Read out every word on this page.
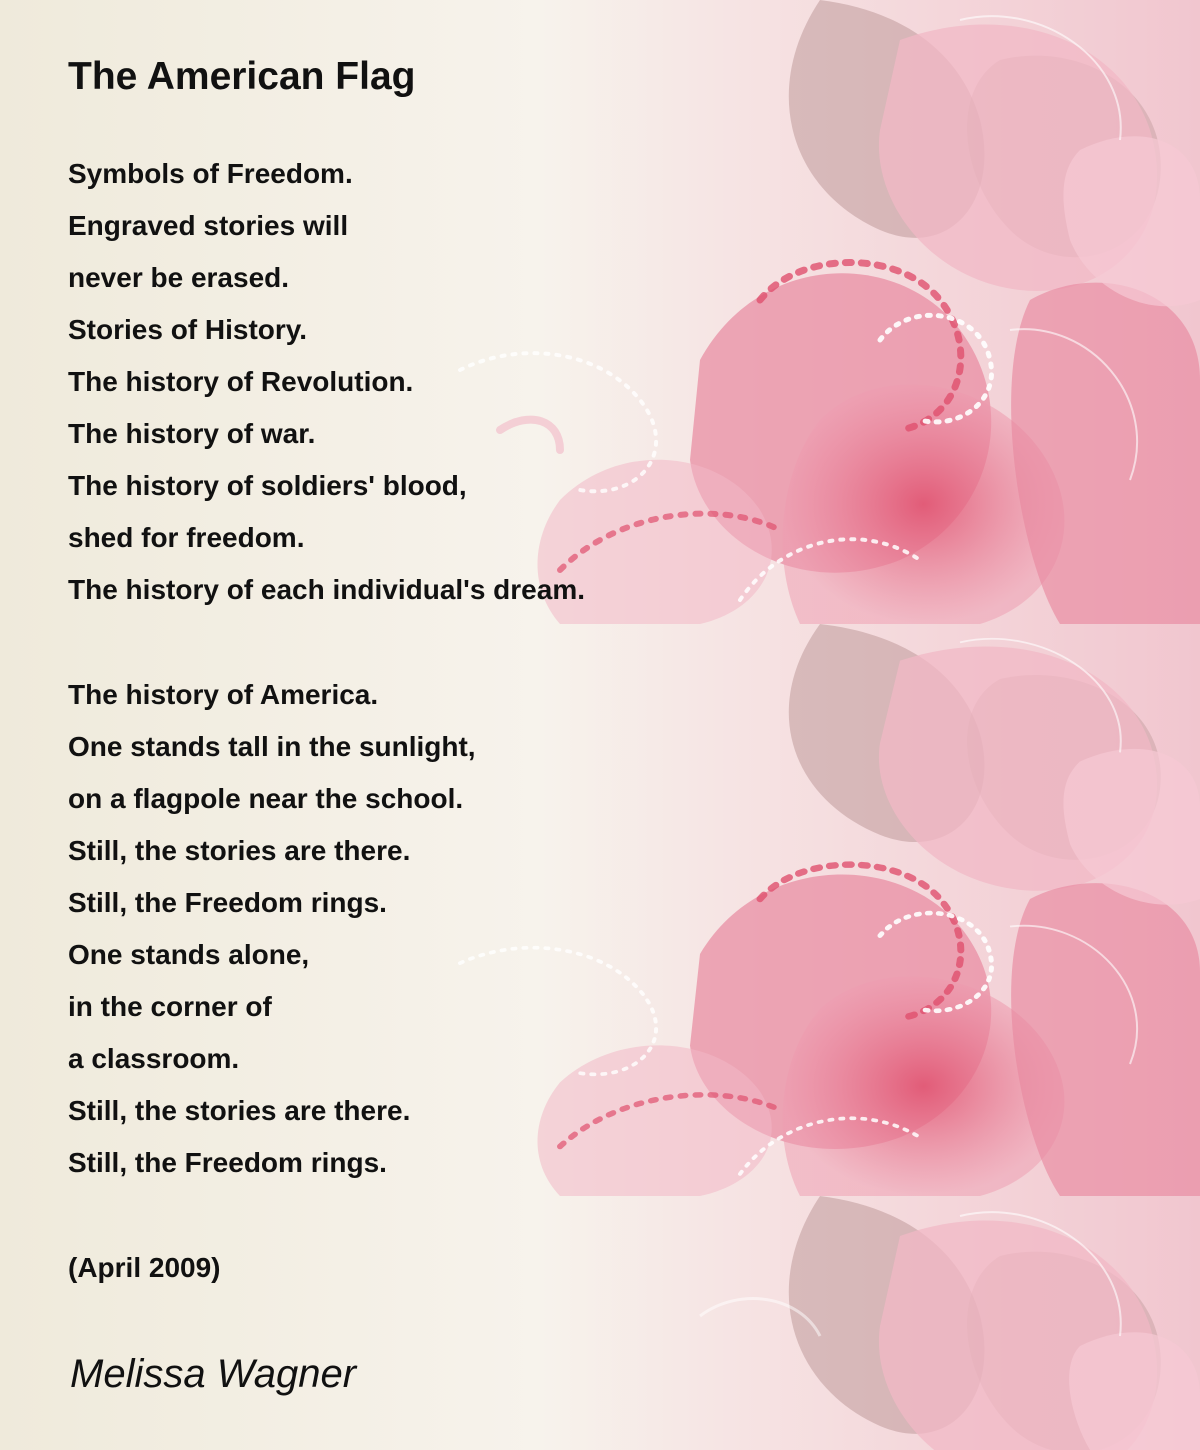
The American Flag
Symbols of Freedom.
Engraved stories will
never be erased.
Stories of History.
The history of Revolution.
The history of war.
The history of soldiers' blood,
shed for freedom.
The history of each individual's dream.
The history of America.
One stands tall in the sunlight,
on a flagpole near the school.
Still, the stories are there.
Still, the Freedom rings.
One stands alone,
in the corner of
a classroom.
Still, the stories are there.
Still, the Freedom rings.
(April 2009)
Melissa Wagner
